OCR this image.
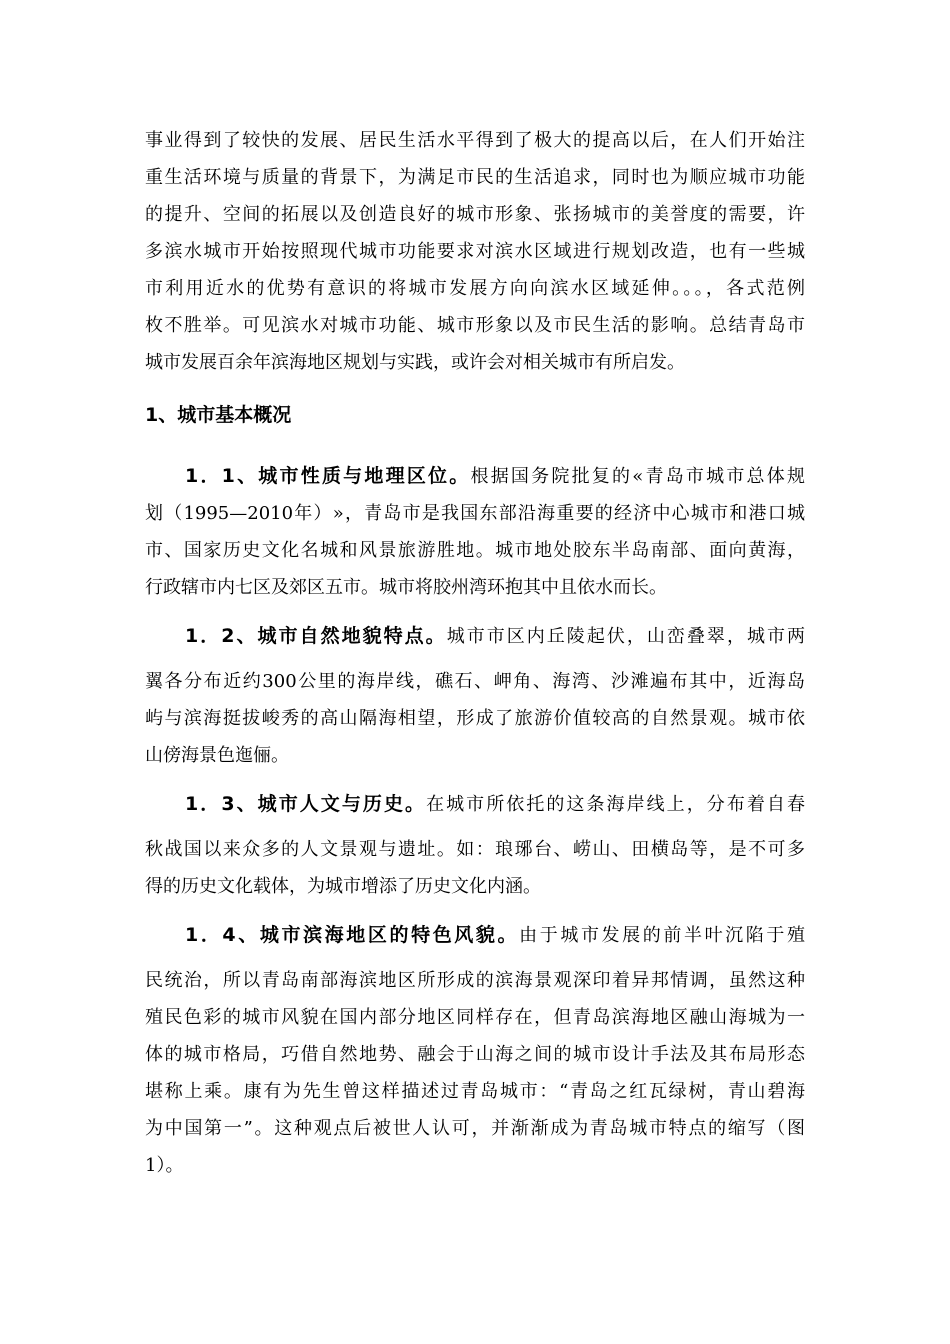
事业得到了较快的发展、居民生活水平得到了极大的提高以后，在人们开始注
重生活环境与质量的背景下，为满足市民的生活追求，同时也为顺应城市功能
的提升、空间的拓展以及创造良好的城市形象、张扬城市的美誉度的需要，许
多滨水城市开始按照现代城市功能要求对滨水区域进行规划改造，也有一些城
市利用近水的优势有意识的将城市发展方向向滨水区域延伸。。。，各式范例
枚不胜举。可见滨水对城市功能、城市形象以及市民生活的影响。总结青岛市
城市发展百余年滨海地区规划与实践，或许会对相关城市有所启发。
1、城市基本概况
1．1、城市性质与地理区位。根据国务院批复的«青岛市城市总体规
划（1995—2010年）»，青岛市是我国东部沿海重要的经济中心城市和港口城
市、国家历史文化名城和风景旅游胜地。城市地处胶东半岛南部、面向黄海，
行政辖市内七区及郊区五市。城市将胶州湾环抱其中且依水而长。
1．2、城市自然地貌特点。城市市区内丘陵起伏，山峦叠翠，城市两
翼各分布近约300公里的海岸线，礁石、岬角、海湾、沙滩遍布其中，近海岛
屿与滨海挺拔峻秀的高山隔海相望，形成了旅游价值较高的自然景观。城市依
山傍海景色迤俪。
1．3、城市人文与历史。在城市所依托的这条海岸线上，分布着自春
秋战国以来众多的人文景观与遗址。如：琅琊台、崂山、田横岛等，是不可多
得的历史文化载体，为城市增添了历史文化内涵。
1．4、城市滨海地区的特色风貌。由于城市发展的前半叶沉陷于殖
民统治，所以青岛南部海滨地区所形成的滨海景观深印着异邦情调，虽然这种
殖民色彩的城市风貌在国内部分地区同样存在，但青岛滨海地区融山海城为一
体的城市格局，巧借自然地势、融会于山海之间的城市设计手法及其布局形态
堪称上乘。康有为先生曾这样描述过青岛城市：“青岛之红瓦绿树，青山碧海
为中国第一”。这种观点后被世人认可，并渐渐成为青岛城市特点的缩写（图
1）。
